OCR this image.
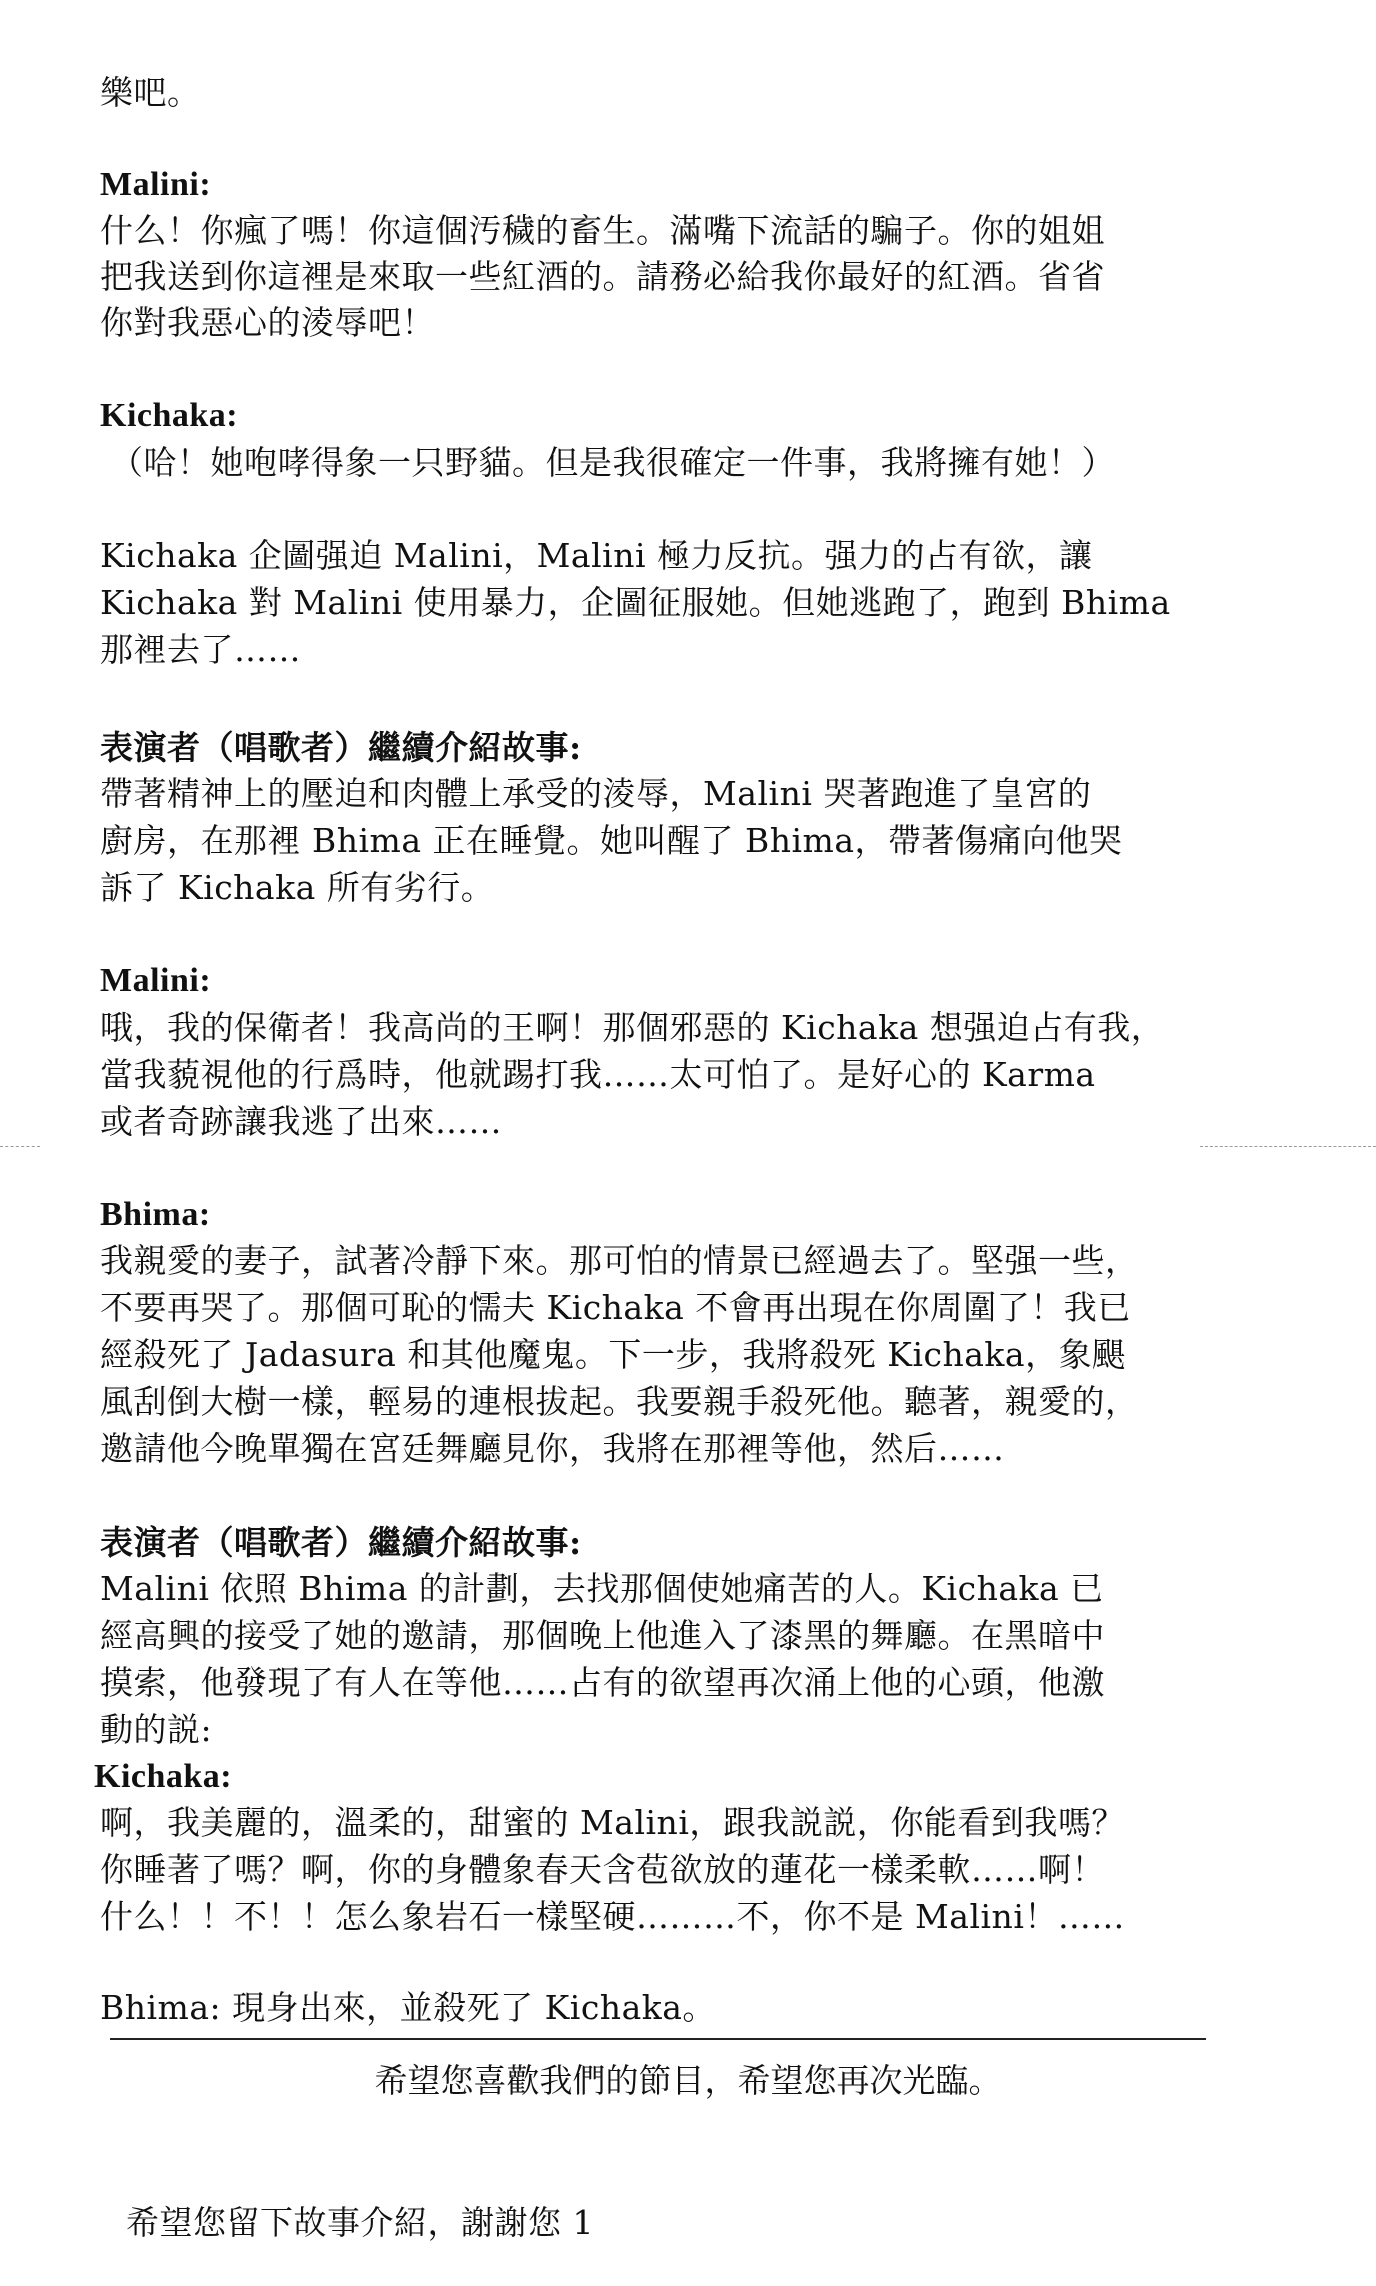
樂吧。
Malini:
什么！你瘋了嗎！你這個汚穢的畜生。滿嘴下流話的騙子。你的姐姐
把我送到你這裡是來取一些紅酒的。請務必給我你最好的紅酒。省省
你對我惡心的淩辱吧！
Kichaka:
（哈！她咆哮得象一只野貓。但是我很確定一件事，我將擁有她！）
Kichaka 企圖强迫 Malini，Malini 極力反抗。强力的占有欲，讓
Kichaka 對 Malini 使用暴力，企圖征服她。但她逃跑了，跑到 Bhima
那裡去了……
表演者（唱歌者）繼續介紹故事:
帶著精神上的壓迫和肉體上承受的淩辱，Malini 哭著跑進了皇宮的
廚房，在那裡 Bhima 正在睡覺。她叫醒了 Bhima，帶著傷痛向他哭
訴了 Kichaka 所有劣行。
Malini:
哦，我的保衛者！我高尚的王啊！那個邪惡的 Kichaka 想强迫占有我，
當我藐視他的行爲時，他就踢打我……太可怕了。是好心的 Karma
或者奇跡讓我逃了出來……
Bhima:
我親愛的妻子，試著冷靜下來。那可怕的情景已經過去了。堅强一些，
不要再哭了。那個可恥的懦夫 Kichaka 不會再出現在你周圍了！我已
經殺死了 Jadasura 和其他魔鬼。下一步，我將殺死 Kichaka，象颶
風刮倒大樹一樣，輕易的連根拔起。我要親手殺死他。聽著，親愛的，
邀請他今晚單獨在宮廷舞廳見你，我將在那裡等他，然后……
表演者（唱歌者）繼續介紹故事:
Malini 依照 Bhima 的計劃，去找那個使她痛苦的人。Kichaka 已
經高興的接受了她的邀請，那個晚上他進入了漆黑的舞廳。在黑暗中
摸索，他發現了有人在等他……占有的欲望再次涌上他的心頭，他激
動的説:
Kichaka:
啊，我美麗的，溫柔的，甜蜜的 Malini，跟我説説，你能看到我嗎？
你睡著了嗎？啊，你的身體象春天含苞欲放的蓮花一樣柔軟……啊！
什么！！不！！怎么象岩石一樣堅硬………不，你不是 Malini！……
Bhima: 現身出來，並殺死了 Kichaka。
希望您喜歡我們的節目，希望您再次光臨。
希望您留下故事介紹，謝謝您 1
